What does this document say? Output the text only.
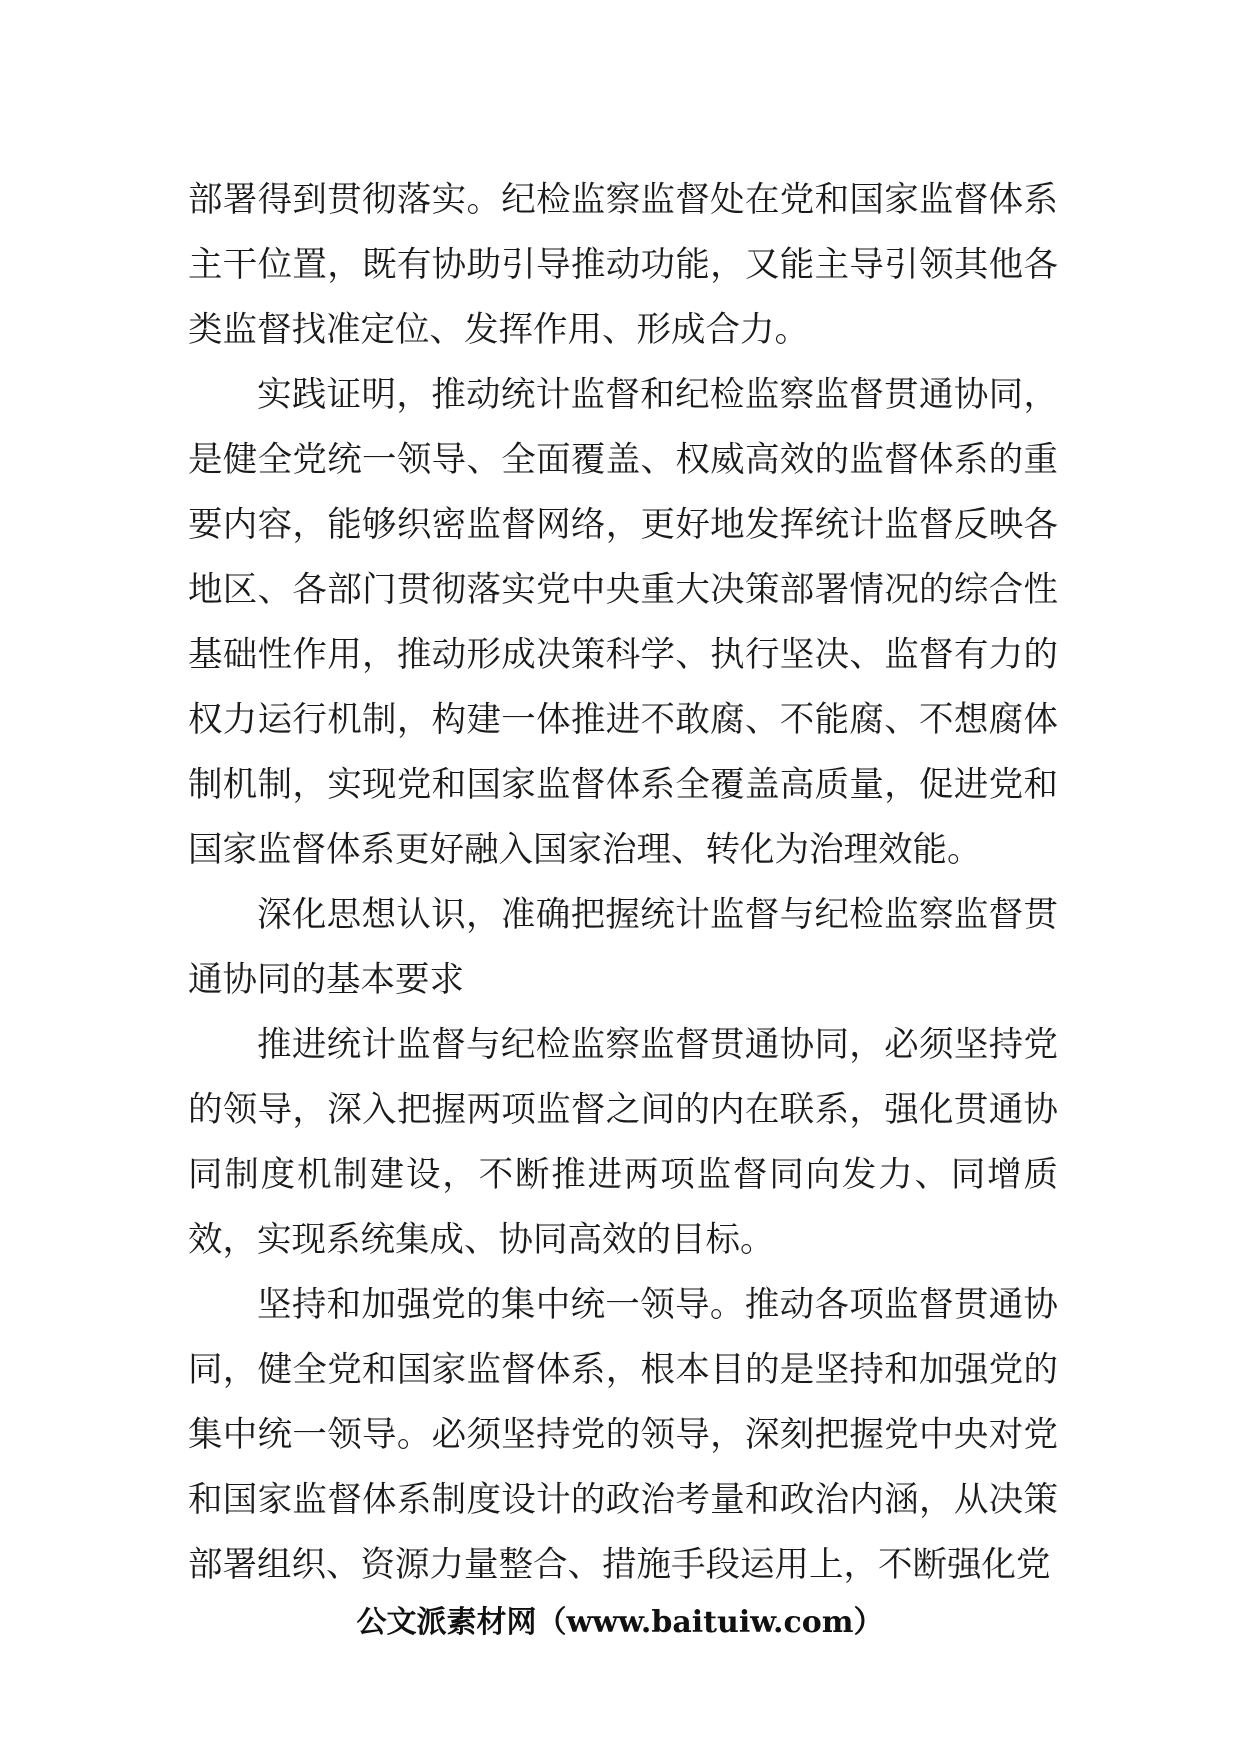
部署得到贯彻落实。纪检监察监督处在党和国家监督体系主干位置，既有协助引导推动功能，又能主导引领其他各类监督找准定位、发挥作用、形成合力。

实践证明，推动统计监督和纪检监察监督贯通协同，是健全党统一领导、全面覆盖、权威高效的监督体系的重要内容，能够织密监督网络，更好地发挥统计监督反映各地区、各部门贯彻落实党中央重大决策部署情况的综合性基础性作用，推动形成决策科学、执行坚决、监督有力的权力运行机制，构建一体推进不敢腐、不能腐、不想腐体制机制，实现党和国家监督体系全覆盖高质量，促进党和国家监督体系更好融入国家治理、转化为治理效能。

深化思想认识，准确把握统计监督与纪检监察监督贯通协同的基本要求

推进统计监督与纪检监察监督贯通协同，必须坚持党的领导，深入把握两项监督之间的内在联系，强化贯通协同制度机制建设，不断推进两项监督同向发力、同增质效，实现系统集成、协同高效的目标。

坚持和加强党的集中统一领导。推动各项监督贯通协同，健全党和国家监督体系，根本目的是坚持和加强党的集中统一领导。必须坚持党的领导，深刻把握党中央对党和国家监督体系制度设计的政治考量和政治内涵，从决策部署组织、资源力量整合、措施手段运用上，不断强化党

公文派素材网（www.baituiw.com）
